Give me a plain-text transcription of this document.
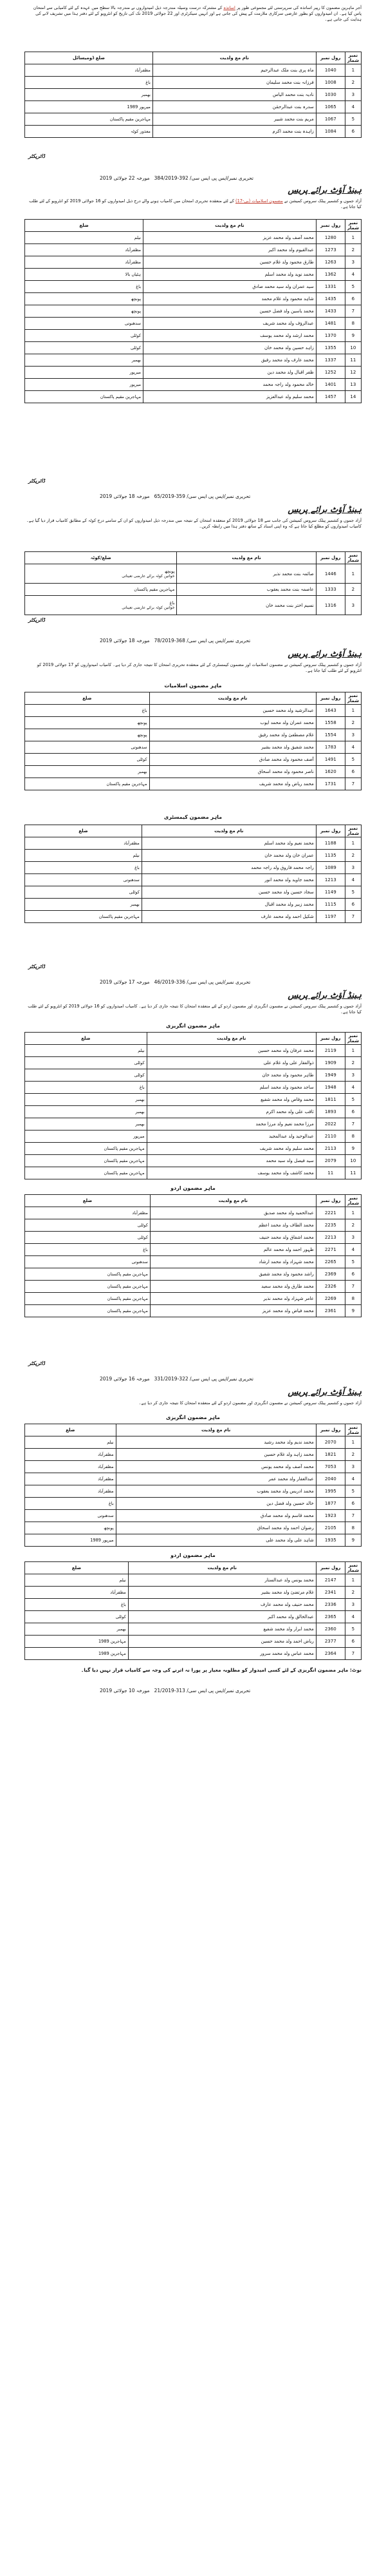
آجر ماہرین مضمون کا رپیر اساتذہ کی سرپرستی لئے مجموعی طور پر اساتذہ کے مشترکہ درست وسیلہ مندرجہ ذیل امیدواروں نے مندرجہ بالا سطح میں عہدہ کے لئے کامیابی سے امتحان پاس کیا ہے۔ ان امیدواروں کو بطور عارضی سرکاری ملازمت کے پیش کی جاتی ہے اور انہیں سیکرٹری اور 22 جولائی 2019 تک کی تاریخ کو انٹرویو کے لئے دفتر ہذا میں تشریف لانے کی ہدایت کی جاتی ہے۔

نمبر شمار	رول نمبر	نام مع ولدیت	ضلع ڈومیسائل
1	1040	ماہ پری بنت ملک عبدالرحیم	مظفرآباد
2	1008	فرزانہ بنت محمد سلیمان	باغ
3	1030	نادیہ بنت محمد الیاس	بھمبر
4	1065	سدرہ بنت عبدالرحمٰن	میرپور 1989
5	1067	مریم بنت محمد شبیر	مہاجرین مقیم پاکستان
6	1084	زاہدہ بنت محمد اکرم	معذور کوٹہ
ڈائریکٹر
تحریری نمبر/ایس پی ایس سی/ 392-384/2019   مورخہ 22 جولائی 2019
ہینڈ آؤٹ برائے پریس

آزاد جموں و کشمیر پبلک سروس کمیشن نے مضمون اسلامیات (بی-17) کے لئے منعقدہ تحریری امتحان میں کامیاب ہونے والے درج ذیل امیدواروں کو 16 جولائی 2019 کو انٹرویو کے لئے طلب کیا جاتا ہے۔

نمبر شمار	رول نمبر	نام مع ولدیت	ضلع
1	1280	محمد آصف ولد محمد عزیز	نیلم
2	1273	عبدالقیوم ولد محمد اکبر	مظفرآباد
3	1263	طارق محمود ولد غلام حسین	مظفرآباد
4	1362	محمد نوید ولد محمد اسلم	ہٹیاں بالا
5	1331	سید عمران ولد سید محمد صادق	باغ
6	1435	شاہد محمود ولد غلام محمد	پونچھ
7	1433	محمد یاسین ولد فضل حسین	پونچھ
8	1481	عبدالرؤف ولد محمد شریف	سدھنوتی
9	1370	محمد ارشد ولد محمد یوسف	کوٹلی
10	1355	زاہد حسین ولد محمد خان	کوٹلی
11	1337	محمد عارف ولد محمد رفیق	بھمبر
12	1252	ظفر اقبال ولد محمد دین	میرپور
13	1401	خالد محمود ولد راجہ محمد	میرپور
14	1457	محمد سلیم ولد عبدالعزیز	مہاجرین مقیم پاکستان
ڈائریکٹر
تحریری نمبر/ایس پی ایس سی/ 359-65/2019   مورخہ 18 جولائی 2019
ہینڈ آؤٹ برائے پریس

آزاد جموں و کشمیر پبلک سروس کمیشن کی جانب سے 18 جولائی 2019 کو منعقدہ امتحان کے نتیجہ میں مندرجہ ذیل امیدواروں کو ان کے سامنے درج کوٹہ کے مطابق کامیاب قرار دیا گیا ہے۔ کامیاب امیدواروں کو مطلع کیا جاتا ہے کہ وہ اپنی اسناد کے ساتھ دفتر ہذا میں رابطہ کریں۔

نمبر شمار	رول نمبر	نام مع ولدیت	ضلع/کوٹہ
1	1446	صائمہ بنت محمد نذیر	پونچھ
خواتین کوٹہ برائے عارضی تعیناتی

2	1333	عاصمہ بنت محمد یعقوب	مہاجرین مقیم پاکستان
3	1316	نسیم اختر بنت محمد خان	باغ
خواتین کوٹہ برائے عارضی تعیناتی
ڈائریکٹر
تحریری نمبر/ایس پی ایس سی/ 368-78/2019   مورخہ 18 جولائی 2019
ہینڈ آؤٹ برائے پریس

آزاد جموں و کشمیر پبلک سروس کمیشن نے مضمون اسلامیات اور مضمون کیمسٹری کے لئے منعقدہ تحریری امتحان کا نتیجہ جاری کر دیا ہے۔ کامیاب امیدواروں کو 17 جولائی 2019 کو انٹرویو کے لئے طلب کیا جاتا ہے۔

ماہر مضمون اسلامیات
نمبر شمار	رول نمبر	نام مع ولدیت	ضلع
1	1643	عبدالرشید ولد محمد حسین	باغ
2	1558	محمد عمران ولد محمد ایوب	پونچھ
3	1554	غلام مصطفیٰ ولد محمد رفیق	پونچھ
4	1783	محمد شفیق ولد محمد بشیر	سدھنوتی
5	1491	آصف محمود ولد محمد صادق	کوٹلی
6	1620	ناصر محمود ولد محمد اسحاق	بھمبر
7	1731	محمد ریاض ولد محمد شریف	مہاجرین مقیم پاکستان
ماہر مضمون کیمسٹری
نمبر شمار	رول نمبر	نام مع ولدیت	ضلع
1	1188	محمد نعیم ولد محمد اسلم	مظفرآباد
2	1135	عمران خان ولد محمد خان	نیلم
3	1089	راجہ محمد فاروق ولد راجہ محمد	باغ
4	1213	محمد جاوید ولد محمد انور	سدھنوتی
5	1149	سجاد حسین ولد محمد حسین	کوٹلی
6	1115	محمد زبیر ولد محمد اقبال	بھمبر
7	1197	شکیل احمد ولد محمد عارف	مہاجرین مقیم پاکستان
ڈائریکٹر
تحریری نمبر/ایس پی ایس سی/ 336-46/2019   مورخہ 17 جولائی 2019
ہینڈ آؤٹ برائے پریس

آزاد جموں و کشمیر پبلک سروس کمیشن نے مضمون انگریزی اور مضمون اردو کے لئے منعقدہ امتحان کا نتیجہ جاری کر دیا ہے۔ کامیاب امیدواروں کو 16 جولائی 2019 کو انٹرویو کے لئے طلب کیا جاتا ہے۔

ماہر مضمون انگریزی
نمبر شمار	رول نمبر	نام مع ولدیت	ضلع
1	2119	محمد عرفان ولد محمد حسین	نیلم
2	1909	ذوالفقار علی ولد غلام علی	کوٹلی
3	1949	طاہر محمود ولد محمد خان	کوٹلی
4	1948	ساجد محمود ولد محمد اسلم	باغ
5	1811	محمد وقاص ولد محمد شفیع	بھمبر
6	1893	ثاقب علی ولد محمد اکرم	بھمبر
7	2022	مرزا محمد نعیم ولد مرزا محمد	بھمبر
8	2110	عبدالوحید ولد عبدالمجید	میرپور
9	2113	محمد سلیم ولد محمد شریف	مہاجرین مقیم پاکستان
10	2079	سید فیصل ولد سید محمد	مہاجرین مقیم پاکستان
11	11	محمد کاشف ولد محمد یوسف	مہاجرین مقیم پاکستان
ماہر مضمون اردو
نمبر شمار	رول نمبر	نام مع ولدیت	ضلع
1	2221	عبدالحمید ولد محمد صدیق	مظفرآباد
2	2235	محمد الطاف ولد محمد اعظم	کوٹلی
3	2213	محمد اشفاق ولد محمد حنیف	کوٹلی
4	2271	ظہور احمد ولد محمد عالم	باغ
5	2265	محمد شہزاد ولد محمد ارشاد	سدھنوتی
6	2369	راشد محمود ولد محمد شفیق	مہاجرین مقیم پاکستان
7	2326	محمد طارق ولد محمد سعید	مہاجرین مقیم پاکستان
8	2269	عامر شہزاد ولد محمد نذیر	مہاجرین مقیم پاکستان
9	2361	محمد فیاض ولد محمد عزیز	مہاجرین مقیم پاکستان
ڈائریکٹر
تحریری نمبر/ایس پی ایس سی/ 322-331/2019   مورخہ 16 جولائی 2019
ہینڈ آؤٹ برائے پریس

آزاد جموں و کشمیر پبلک سروس کمیشن نے مضمون انگریزی اور مضمون اردو کے لئے منعقدہ امتحان کا نتیجہ جاری کر دیا ہے۔

ماہر مضمون انگریزی
نمبر شمار	رول نمبر	نام مع ولدیت	ضلع
1	2070	محمد ندیم ولد محمد رشید	نیلم
2	1821	محمد زاہد ولد غلام حسین	مظفرآباد
3	7053	محمد آصف ولد محمد یونس	مظفرآباد
4	2040	عبدالغفار ولد محمد عمر	مظفرآباد
5	1995	محمد ادریس ولد محمد یعقوب	مظفرآباد
6	1877	خالد حسین ولد فضل دین	باغ
7	1923	محمد قاسم ولد محمد صادق	سدھنوتی
8	2105	رضوان احمد ولد محمد اسحاق	پونچھ
9	1935	شاہد علی ولد محمد علی	میرپور 1989
ماہر مضمون اردو
نمبر شمار	رول نمبر	نام مع ولدیت	ضلع
1	2147	محمد یونس ولد عبدالستار	نیلم
2	2341	غلام مرتضیٰ ولد محمد بشیر	مظفرآباد
3	2336	محمد حنیف ولد محمد عارف	باغ
4	2365	عبدالخالق ولد محمد اکبر	کوٹلی
5	2360	محمد ابرار ولد محمد شفیع	بھمبر
6	2377	ریاض احمد ولد محمد حسین	مہاجرین 1989
7	2364	محمد عباس ولد محمد سرور	مہاجرین 1989
نوٹ: ماہر مضمون انگریزی کے لئے کسی امیدوار کو مطلوبہ معیار پر پورا نہ اترنے کی وجہ سے کامیاب قرار نہیں دیا گیا۔
تحریری نمبر/ایس پی ایس سی/ 313-21/2019   مورخہ 10 جولائی 2019
